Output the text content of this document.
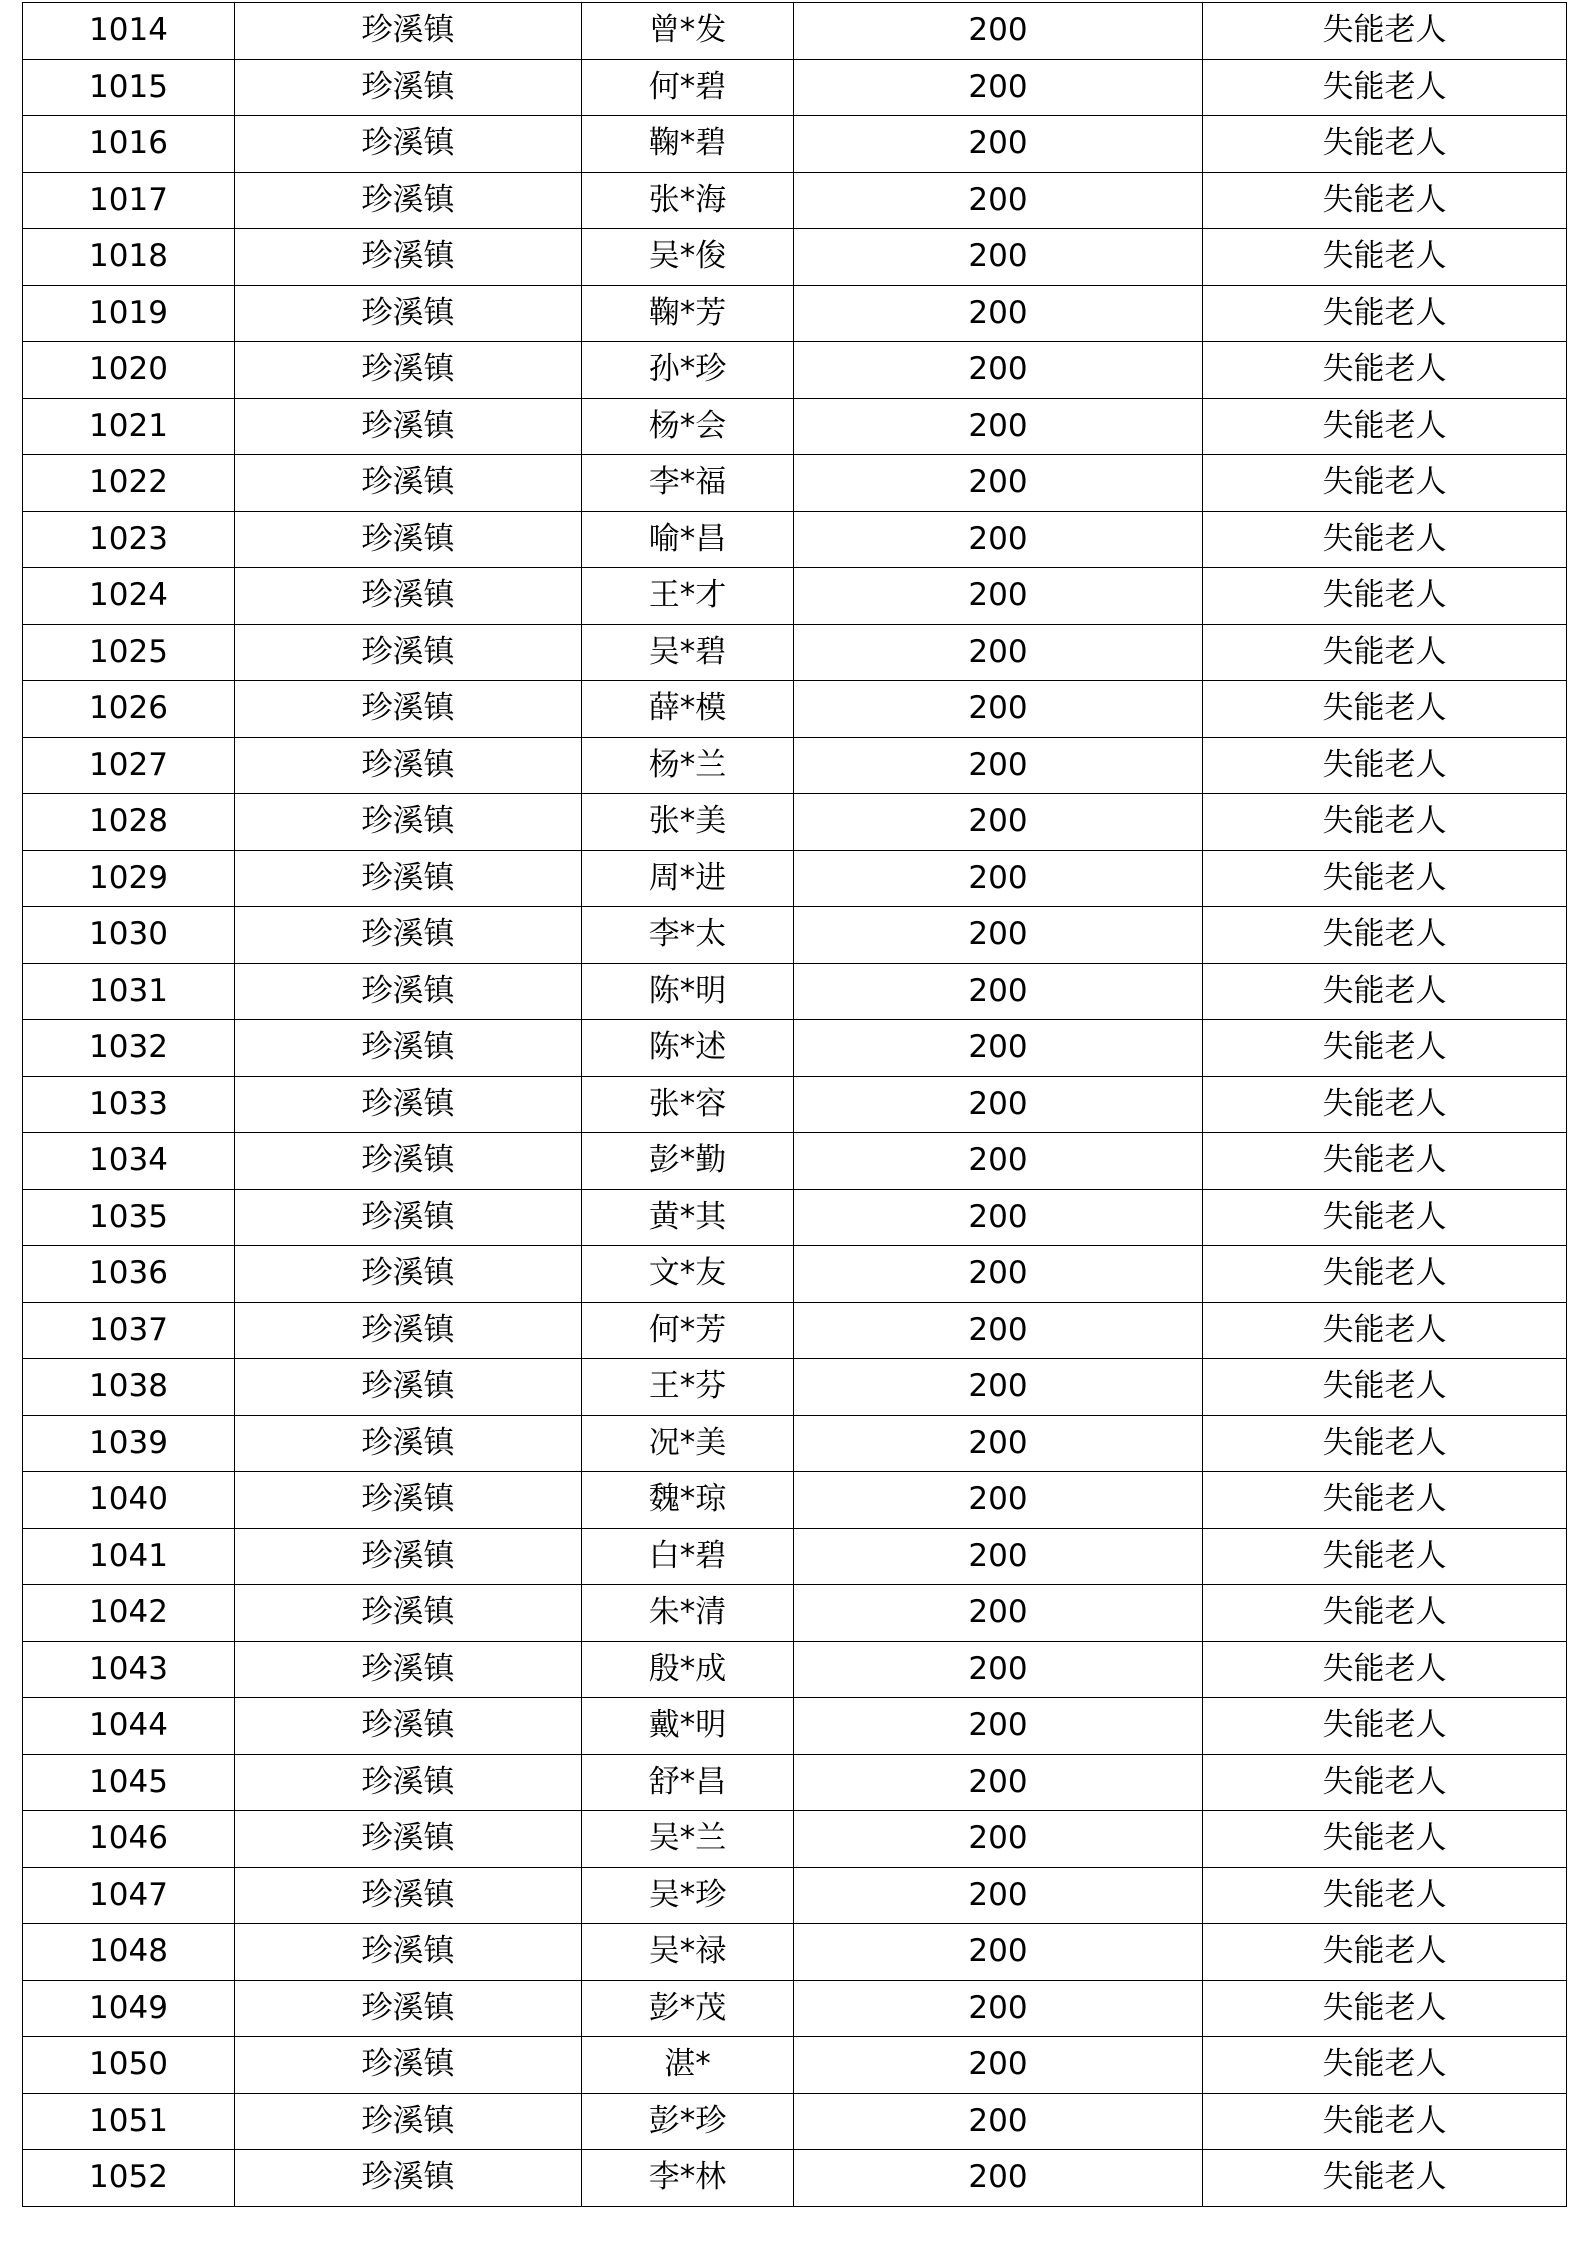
1014	珍溪镇	曾*发	200	失能老人
1015	珍溪镇	何*碧	200	失能老人
1016	珍溪镇	鞠*碧	200	失能老人
1017	珍溪镇	张*海	200	失能老人
1018	珍溪镇	吴*俊	200	失能老人
1019	珍溪镇	鞠*芳	200	失能老人
1020	珍溪镇	孙*珍	200	失能老人
1021	珍溪镇	杨*会	200	失能老人
1022	珍溪镇	李*福	200	失能老人
1023	珍溪镇	喻*昌	200	失能老人
1024	珍溪镇	王*才	200	失能老人
1025	珍溪镇	吴*碧	200	失能老人
1026	珍溪镇	薛*模	200	失能老人
1027	珍溪镇	杨*兰	200	失能老人
1028	珍溪镇	张*美	200	失能老人
1029	珍溪镇	周*进	200	失能老人
1030	珍溪镇	李*太	200	失能老人
1031	珍溪镇	陈*明	200	失能老人
1032	珍溪镇	陈*述	200	失能老人
1033	珍溪镇	张*容	200	失能老人
1034	珍溪镇	彭*勤	200	失能老人
1035	珍溪镇	黄*其	200	失能老人
1036	珍溪镇	文*友	200	失能老人
1037	珍溪镇	何*芳	200	失能老人
1038	珍溪镇	王*芬	200	失能老人
1039	珍溪镇	况*美	200	失能老人
1040	珍溪镇	魏*琼	200	失能老人
1041	珍溪镇	白*碧	200	失能老人
1042	珍溪镇	朱*清	200	失能老人
1043	珍溪镇	殷*成	200	失能老人
1044	珍溪镇	戴*明	200	失能老人
1045	珍溪镇	舒*昌	200	失能老人
1046	珍溪镇	吴*兰	200	失能老人
1047	珍溪镇	吴*珍	200	失能老人
1048	珍溪镇	吴*禄	200	失能老人
1049	珍溪镇	彭*茂	200	失能老人
1050	珍溪镇	湛*	200	失能老人
1051	珍溪镇	彭*珍	200	失能老人
1052	珍溪镇	李*林	200	失能老人
